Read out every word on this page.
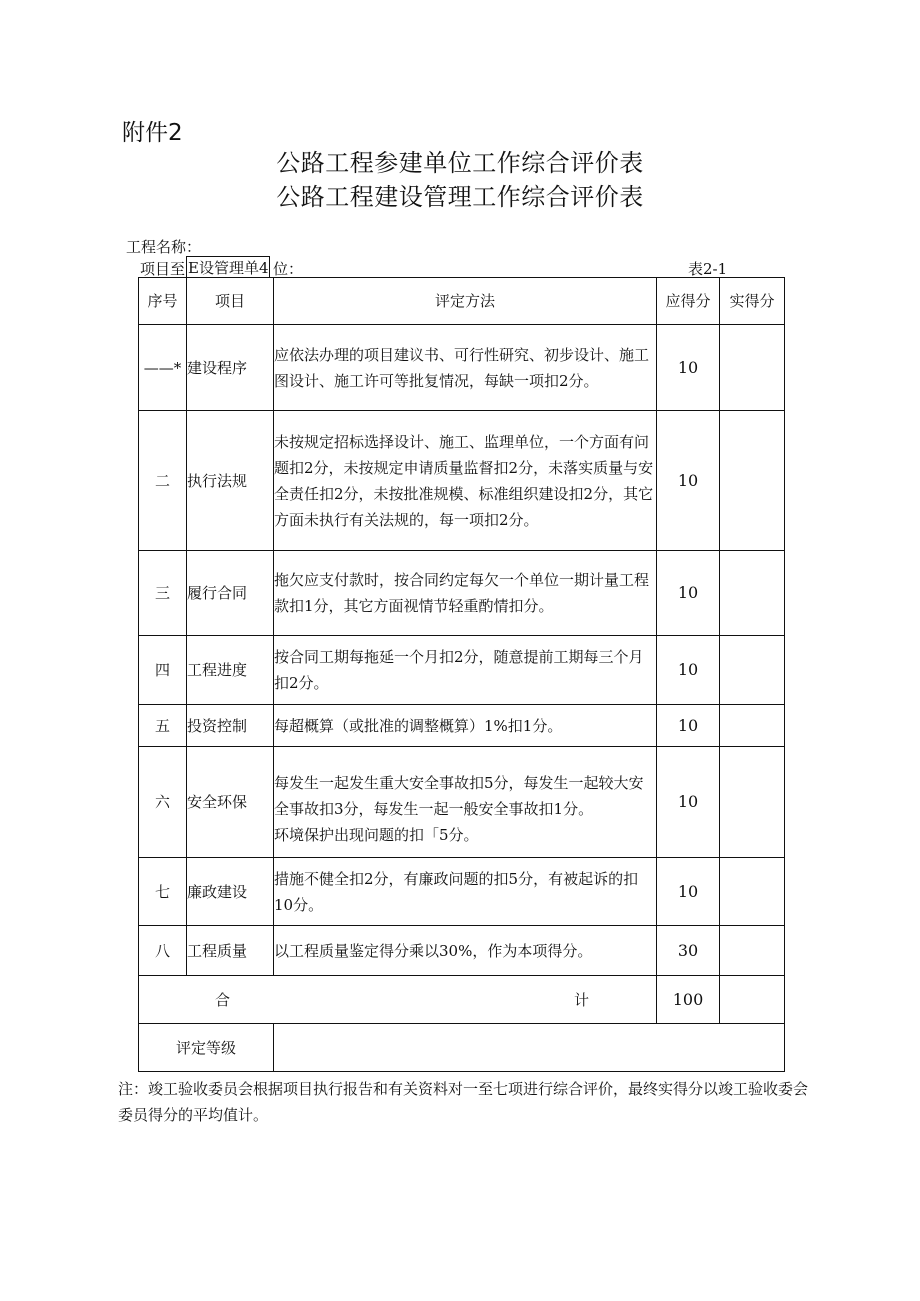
附件2
公路工程参建单位工作综合评价表
公路工程建设管理工作综合评价表
工程名称：
项目至 E设管理单4 位：	表2-1
序号	项目	评定方法	应得分	实得分
——*	建设程序	应依法办理的项目建议书、可行性研究、初步设计、施工图设计、施工许可等批复情况，每缺一项扣2分。	10	
二	执行法规	未按规定招标选择设计、施工、监理单位，一个方面有问题扣2分，未按规定申请质量监督扣2分，未落实质量与安全责任扣2分，未按批准规模、标准组织建设扣2分，其它方面未执行有关法规的，每一项扣2分。	10	
三	履行合同	拖欠应支付款时，按合同约定每欠一个单位一期计量工程款扣1分，其它方面视情节轻重酌情扣分。	10	
四	工程进度	按合同工期每拖延一个月扣2分，随意提前工期每三个月扣2分。	10	
五	投资控制	每超概算（或批准的调整概算）1%扣1分。	10	
六	安全环保	每发生一起发生重大安全事故扣5分，每发生一起较大安全事故扣3分，每发生一起一般安全事故扣1分。
环境保护出现问题的扣「5分。	10	
七	廉政建设	措施不健全扣2分，有廉政问题的扣5分，有被起诉的扣10分。	10	
八	工程质量	以工程质量鉴定得分乘以30%，作为本项得分。	30	

合 计			100	
评定等级				
注：竣工验收委员会根据项目执行报告和有关资料对一至七项进行综合评价，最终实得分以竣工验收委会委员得分的平均值计。
